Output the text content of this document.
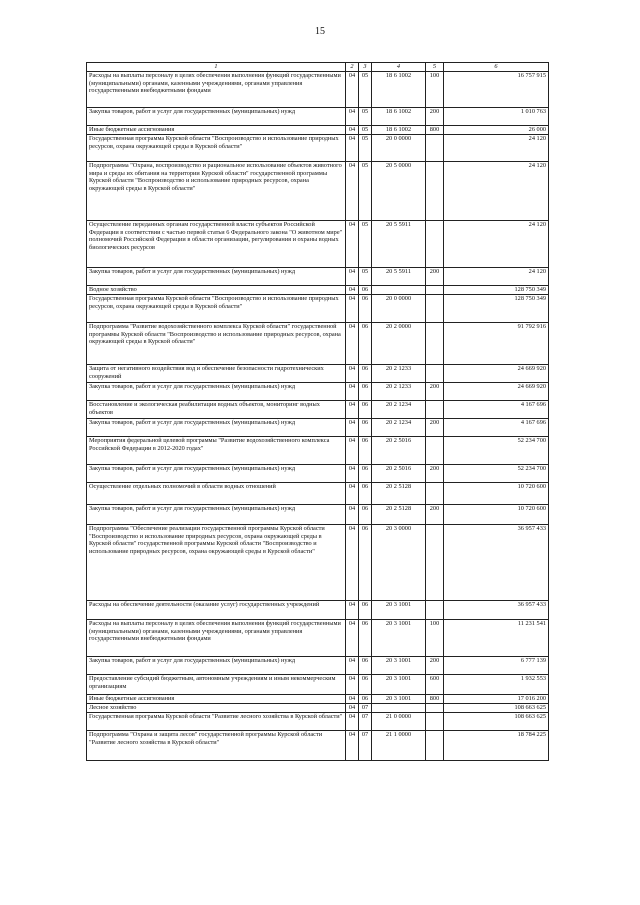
15
1	2	3	4	5	6
Расходы на выплаты персоналу в целях обеспечения выполнения функций государственными (муниципальными) органами, казенными учреждениями, органами управления государственными внебюджетными фондами	04	05	18 6 1002	100	16 757 915
Закупка товаров, работ и услуг для государственных (муниципальных) нужд	04	05	18 6 1002	200	1 010 763
Иные бюджетные ассигнования	04	05	18 6 1002	800	26 000
Государственная программа Курской области "Воспроизводство и использование природных ресурсов, охрана окружающей среды в Курской области"	04	05	20 0 0000		24 120
Подпрограмма "Охрана, воспроизводство и рациональное использование объектов животного мира и среды их обитания на территории Курской области" государственной программы Курской области "Воспроизводство и использование природных ресурсов, охрана окружающей среды в Курской области"	04	05	20 5 0000		24 120
Осуществление переданных органам государственной власти субъектов Российской Федерации в соответствии с частью первой статьи 6 Федерального закона "О животном мире" полномочий Российской Федерации в области организации, регулирования и охраны водных биологических ресурсов	04	05	20 5 5911		24 120
Закупка товаров, работ и услуг для государственных (муниципальных) нужд	04	05	20 5 5911	200	24 120
Водное хозяйство	04	06			128 750 349
Государственная программа Курской области "Воспроизводство и использование природных ресурсов, охрана окружающей среды в Курской области"	04	06	20 0 0000		128 750 349
Подпрограмма "Развитие водохозяйственного комплекса Курской области" государственной программы Курской области "Воспроизводство и использование природных ресурсов, охрана окружающей среды в Курской области"	04	06	20 2 0000		91 792 916
Защита от негативного воздействия вод и обеспечение безопасности гидротехнических сооружений	04	06	20 2 1233		24 669 920
Закупка товаров, работ и услуг для государственных (муниципальных) нужд	04	06	20 2 1233	200	24 669 920
Восстановление и экологическая реабилитация водных объектов, мониторинг водных объектов	04	06	20 2 1234		4 167 696
Закупка товаров, работ и услуг для государственных (муниципальных) нужд	04	06	20 2 1234	200	4 167 696
Мероприятия федеральной целевой программы "Развитие водохозяйственного комплекса Российской Федерации в 2012-2020 годах"	04	06	20 2 5016		52 234 700
Закупка товаров, работ и услуг для государственных (муниципальных) нужд	04	06	20 2 5016	200	52 234 700
Осуществление отдельных полномочий в области водных отношений	04	06	20 2 5128		10 720 600
Закупка товаров, работ и услуг для государственных (муниципальных) нужд	04	06	20 2 5128	200	10 720 600
Подпрограмма "Обеспечение реализации государственной программы Курской области "Воспроизводство и использование природных ресурсов, охрана окружающей среды в Курской области" государственной программы Курской области "Воспроизводство и использование природных ресурсов, охрана окружающей среды в Курской области"	04	06	20 3 0000		36 957 433
Расходы на обеспечение деятельности (оказание услуг) государственных учреждений	04	06	20 3 1001		36 957 433
Расходы на выплаты персоналу в целях обеспечения выполнения функций государственными (муниципальными) органами, казенными учреждениями, органами управления государственными внебюджетными фондами	04	06	20 3 1001	100	11 231 541
Закупка товаров, работ и услуг для государственных (муниципальных) нужд	04	06	20 3 1001	200	6 777 139
Предоставление субсидий бюджетным, автономным учреждениям и иным некоммерческим организациям	04	06	20 3 1001	600	1 932 553
Иные бюджетные ассигнования	04	06	20 3 1001	800	17 016 200
Лесное хозяйство	04	07			108 663 625
Государственная программа Курской области "Развитие лесного хозяйства в Курской области"	04	07	21 0 0000		108 663 625
Подпрограмма "Охрана и защита лесов" государственной программы Курской области "Развитие лесного хозяйства в Курской области"	04	07	21 1 0000		18 784 225
